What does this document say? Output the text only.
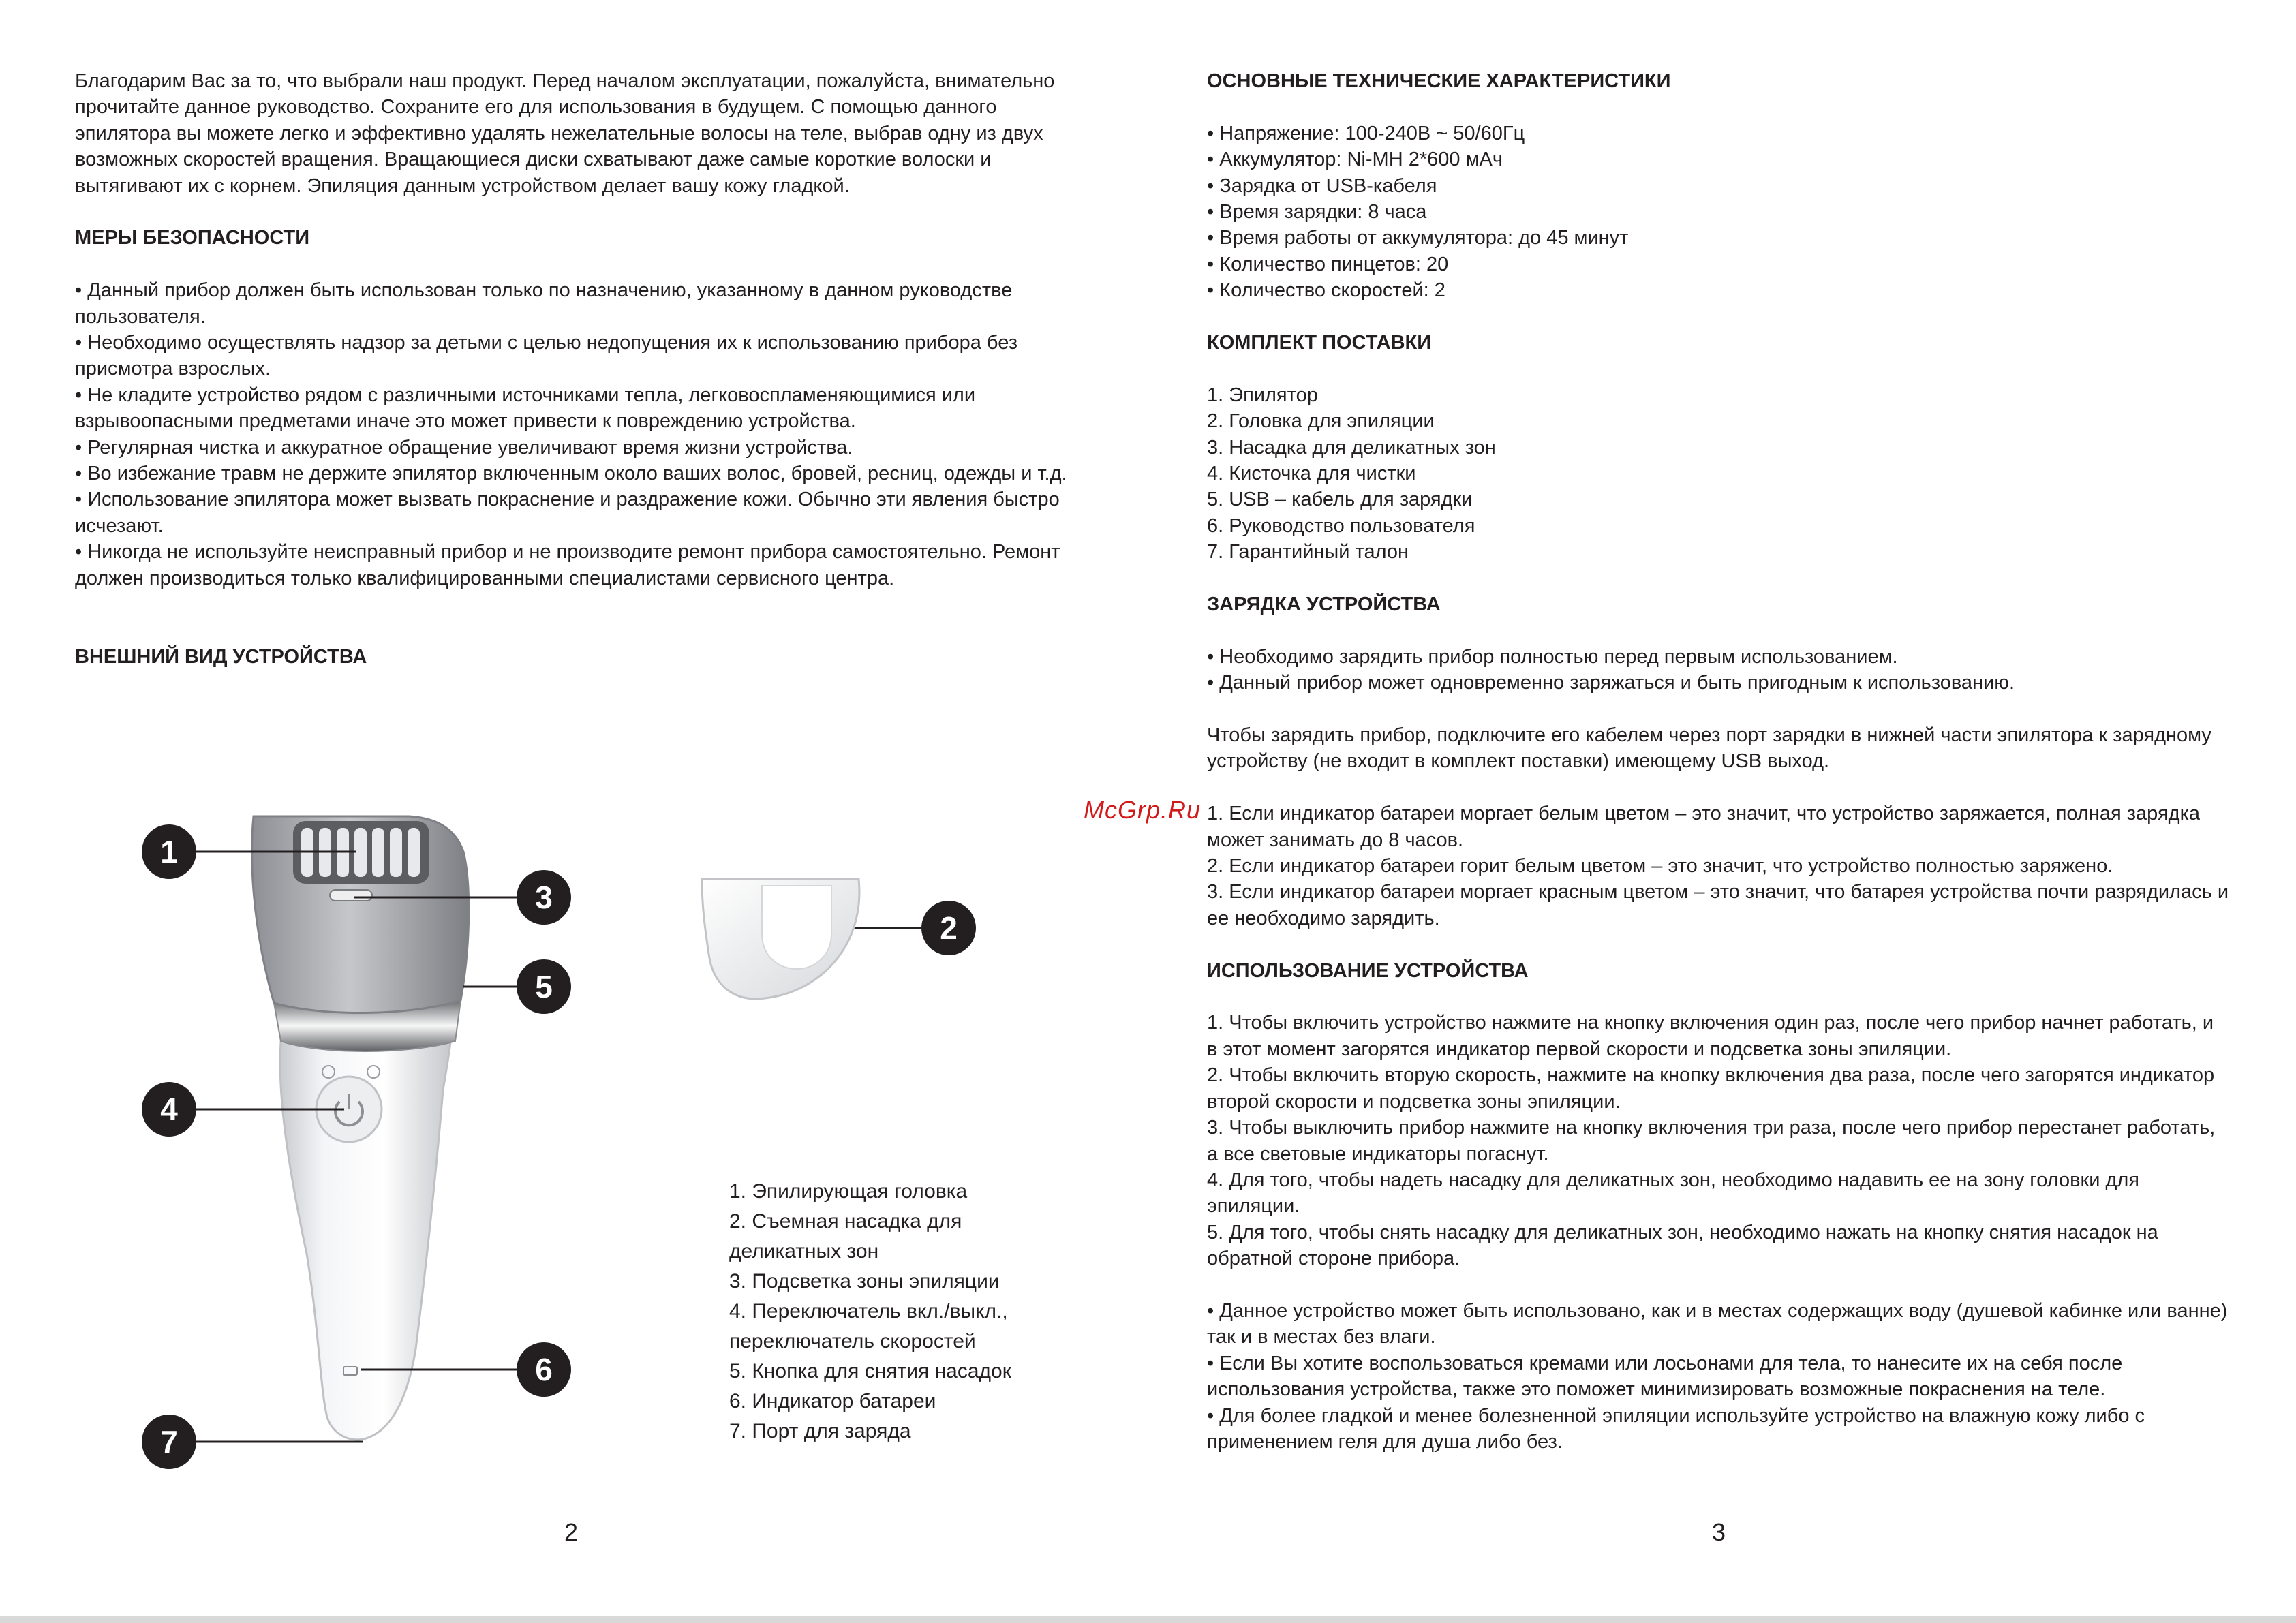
Благодарим Вас за то, что выбрали наш продукт. Перед началом эксплуатации, пожалуйста, внимательно прочитайте данное руководство. Сохраните его для использования в будущем. С помощью данного эпилятора вы можете легко и эффективно удалять нежелательные волосы на теле, выбрав одну из двух возможных скоростей вращения. Вращающиеся диски схватывают даже самые короткие волоски и вытягивают их с корнем. Эпиляция данным устройством делает вашу кожу гладкой.

МЕРЫ БЕЗОПАСНОСТИ

• Данный прибор должен быть использован только по назначению, указанному в данном руководстве пользователя.

• Необходимо осуществлять надзор за детьми с целью недопущения их к использованию прибора без присмотра взрослых.

• Не кладите устройство рядом с различными источниками тепла, легковоспламеняющимися или взрывоопасными предметами иначе это может привести к повреждению устройства.

• Регулярная чистка и аккуратное обращение увеличивают время жизни устройства.

• Во избежание травм не держите эпилятор включенным около ваших волос, бровей, ресниц, одежды и т.д.

• Использование эпилятора может вызвать покраснение и раздражение кожи. Обычно эти явления быстро исчезают.

• Никогда не используйте неисправный прибор и не производите ремонт прибора самостоятельно. Ремонт должен производиться только квалифицированными специалистами сервисного центра.

ВНЕШНИЙ ВИД УСТРОЙСТВА
1
2
3
4
5
6
7

1. Эпилирующая головка

2. Съемная насадка для

деликатных зон

3. Подсветка зоны эпиляции

4. Переключатель вкл./выкл.,

переключатель скоростей

5. Кнопка для снятия насадок

6. Индикатор батареи

7. Порт для заряда

2
ОСНОВНЫЕ ТЕХНИЧЕСКИЕ ХАРАКТЕРИСТИКИ

• Напряжение: 100-240В ~ 50/60Гц

• Аккумулятор: Ni-MH 2*600 мАч

• Зарядка от USB-кабеля

• Время зарядки: 8 часа

• Время работы от аккумулятора: до 45 минут

• Количество пинцетов: 20

• Количество скоростей: 2

КОМПЛЕКТ ПОСТАВКИ

1. Эпилятор

2. Головка для эпиляции

3. Насадка для деликатных зон

4. Кисточка для чистки

5. USB – кабель для зарядки

6. Руководство пользователя

7. Гарантийный талон

ЗАРЯДКА УСТРОЙСТВА

• Необходимо зарядить прибор полностью перед первым использованием.

• Данный прибор может одновременно заряжаться и быть пригодным к использованию.

Чтобы зарядить прибор, подключите его кабелем через порт зарядки в нижней части эпилятора к зарядному устройству (не входит в комплект поставки) имеющему USB выход.

1. Если индикатор батареи моргает белым цветом – это значит, что устройство заряжается, полная зарядка может занимать до 8 часов.

2. Если индикатор батареи горит белым цветом – это значит, что устройство полностью заряжено.

3. Если индикатор батареи моргает красным цветом – это значит, что батарея устройства почти разрядилась и ее необходимо зарядить.

ИСПОЛЬЗОВАНИЕ УСТРОЙСТВА

1. Чтобы включить устройство нажмите на кнопку включения один раз, после чего прибор начнет работать, и в этот момент загорятся индикатор первой скорости и подсветка зоны эпиляции.

2. Чтобы включить вторую скорость, нажмите на кнопку включения два раза, после чего загорятся индикатор второй скорости и подсветка зоны эпиляции.

3. Чтобы выключить прибор нажмите на кнопку включения три раза, после чего прибор перестанет работать, а все световые индикаторы погаснут.

4. Для того, чтобы надеть насадку для деликатных зон, необходимо надавить ее на зону головки для эпиляции.

5. Для того, чтобы снять насадку для деликатных зон, необходимо нажать на кнопку снятия насадок на обратной стороне прибора.

• Данное устройство может быть использовано, как и в местах содержащих воду (душевой кабинке или ванне) так и в местах без влаги.

• Если Вы хотите воспользоваться кремами или лосьонами для тела, то нанесите их на себя после использования устройства, также это поможет минимизировать возможные покраснения на теле.

• Для более гладкой и менее болезненной эпиляции используйте устройство на влажную кожу либо с применением геля для душа либо без.

3
McGrp.Ru
